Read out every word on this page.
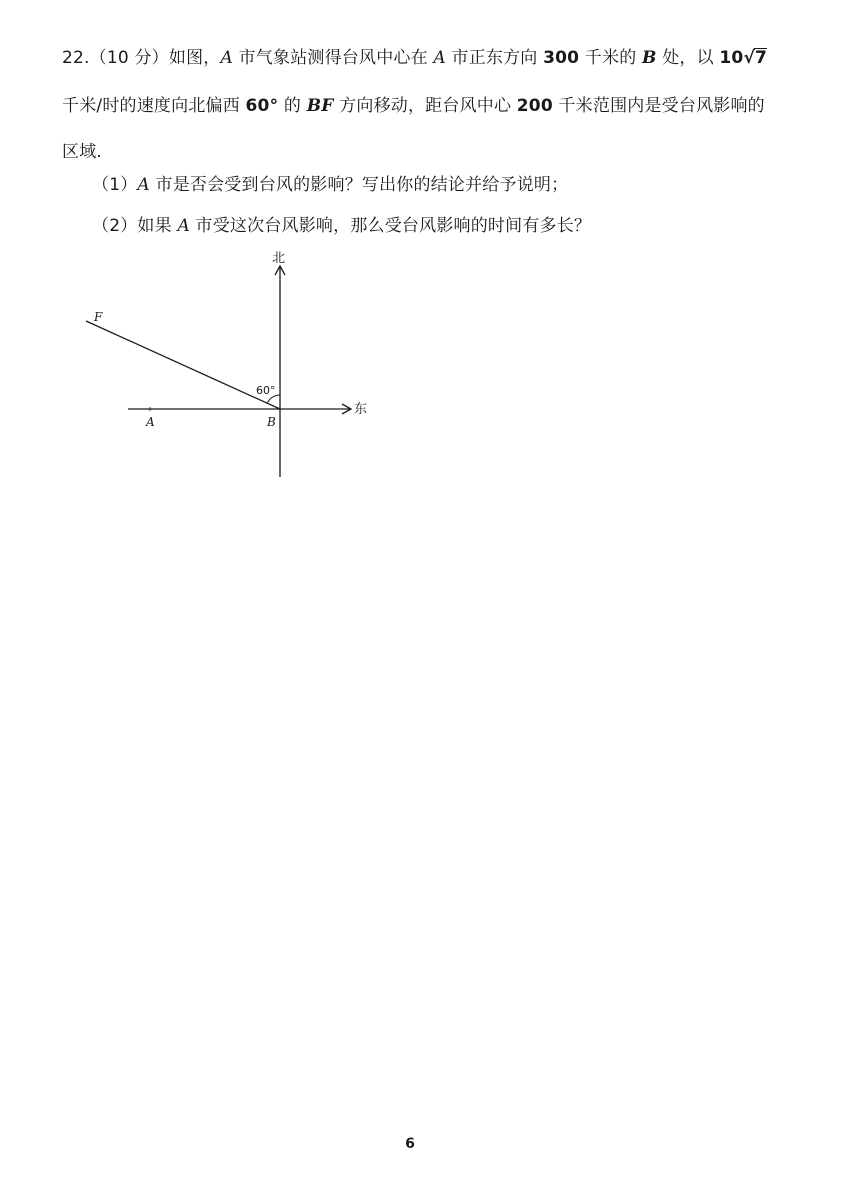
22.（10 分）如图，A 市气象站测得台风中心在 A 市正东方向 300 千米的 B 处，以 10√7
千米/时的速度向北偏西 60° 的 BF 方向移动，距台风中心 200 千米范围内是受台风影响的
区域.
（1）A 市是否会受到台风的影响？写出你的结论并给予说明；
（2）如果 A 市受这次台风影响，那么受台风影响的时间有多长？
北
东
F
A	B
60°
6
